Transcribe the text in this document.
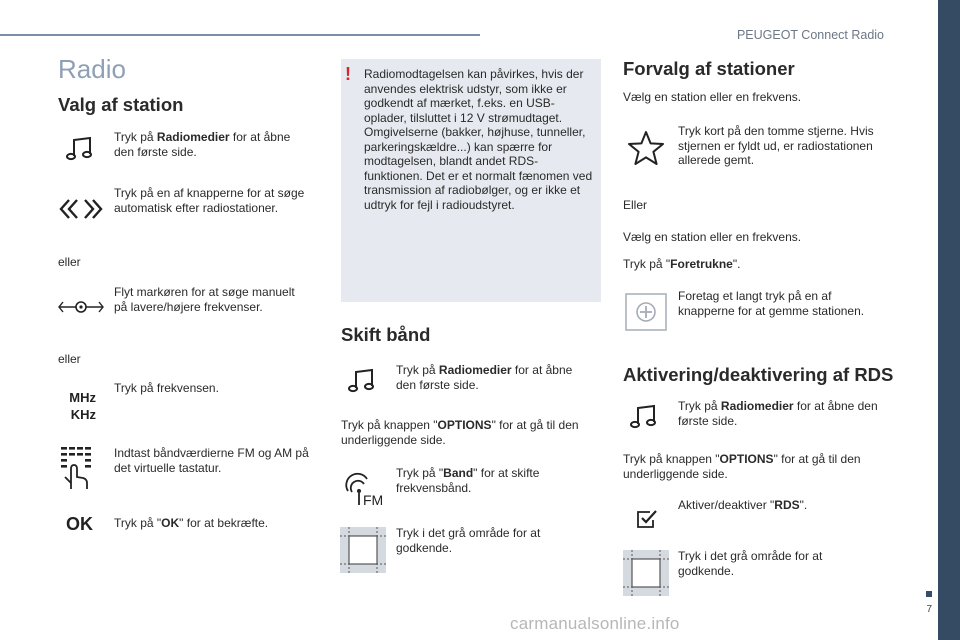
PEUGEOT Connect Radio
7
carmanualsonline.info
Radio
Valg af station
Tryk på Radiomedier for at åbne den første side.
Tryk på en af knapperne for at søge automatisk efter radiostationer.
eller
Flyt markøren for at søge manuelt på lavere/højere frekvenser.
eller
MHz
KHz
Tryk på frekvensen.
Indtast båndværdierne FM og AM på det virtuelle tastatur.
OK Tryk på "OK" for at bekræfte.
! Radiomodtagelsen kan påvirkes, hvis der anvendes elektrisk udstyr, som ikke er godkendt af mærket, f.eks. en USB-oplader, tilsluttet i 12 V strømudtaget. Omgivelserne (bakker, højhuse, tunneller, parkeringskældre...) kan spærre for modtagelsen, blandt andet RDS-funktionen. Det er et normalt fænomen ved transmission af radiobølger, og er ikke et udtryk for fejl i radioudstyret.
Skift bånd
Tryk på Radiomedier for at åbne den første side.
Tryk på knappen "OPTIONS" for at gå til den underliggende side.
FM
Tryk på "Band" for at skifte frekvensbånd.
Tryk i det grå område for at godkende.
Forvalg af stationer
Vælg en station eller en frekvens.
Tryk kort på den tomme stjerne. Hvis stjernen er fyldt ud, er radiostationen allerede gemt.
Eller
Vælg en station eller en frekvens.
Tryk på "Foretrukne".
Foretag et langt tryk på en af knapperne for at gemme stationen.
Aktivering/deaktivering af RDS
Tryk på Radiomedier for at åbne den første side.
Tryk på knappen "OPTIONS" for at gå til den underliggende side.
Aktiver/deaktiver "RDS".
Tryk i det grå område for at godkende.
